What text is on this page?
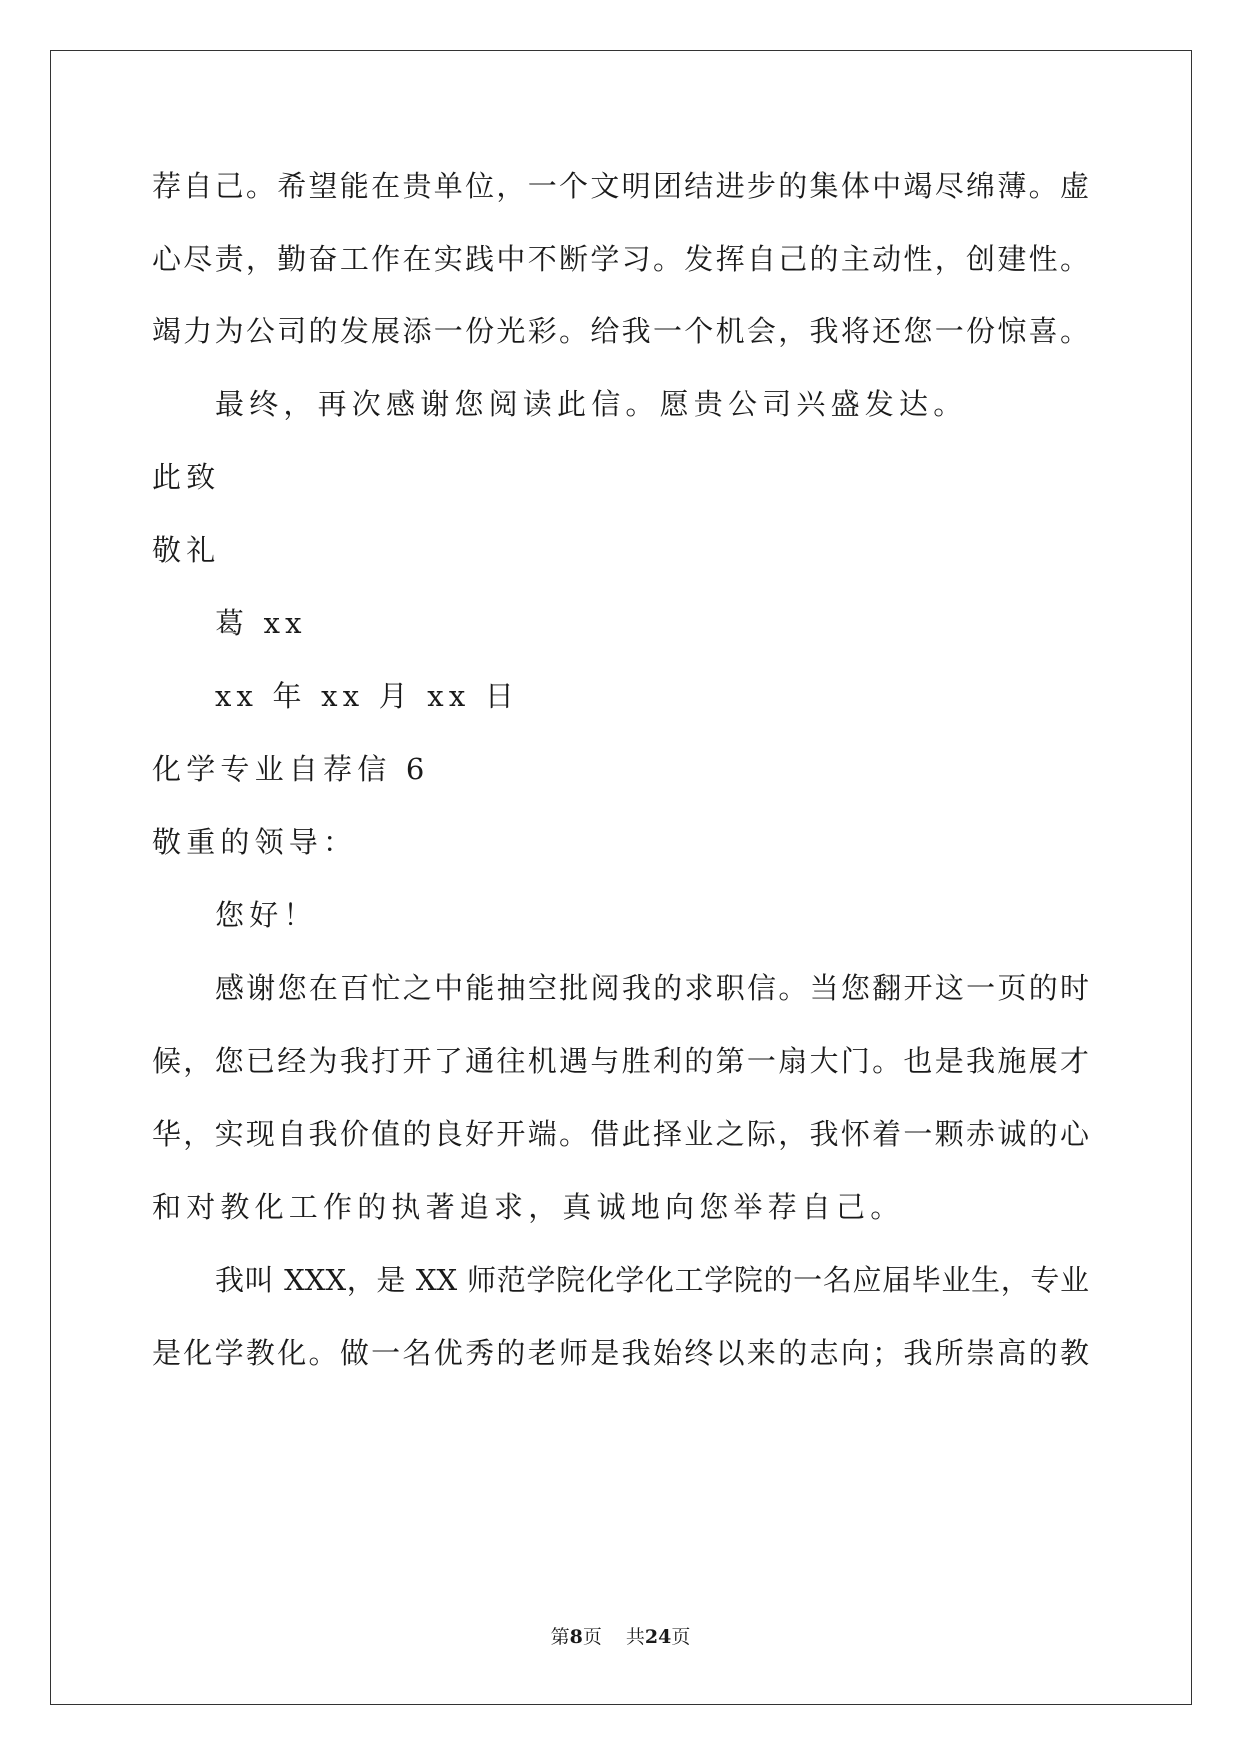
荐自己。希望能在贵单位，一个文明团结进步的集体中竭尽绵薄。虚
心尽责，勤奋工作在实践中不断学习。发挥自己的主动性，创建性。
竭力为公司的发展添一份光彩。给我一个机会，我将还您一份惊喜。
最终，再次感谢您阅读此信。愿贵公司兴盛发达。
此致
敬礼
葛 xx
xx 年 xx 月 xx 日
化学专业自荐信 6
敬重的领导：
您好！
感谢您在百忙之中能抽空批阅我的求职信。当您翻开这一页的时
候，您已经为我打开了通往机遇与胜利的第一扇大门。也是我施展才
华，实现自我价值的良好开端。借此择业之际，我怀着一颗赤诚的心
和对教化工作的执著追求，真诚地向您举荐自己。
我叫 XXX，是 XX 师范学院化学化工学院的一名应届毕业生，专业
是化学教化。做一名优秀的老师是我始终以来的志向；我所崇高的教
第8页 共24页
